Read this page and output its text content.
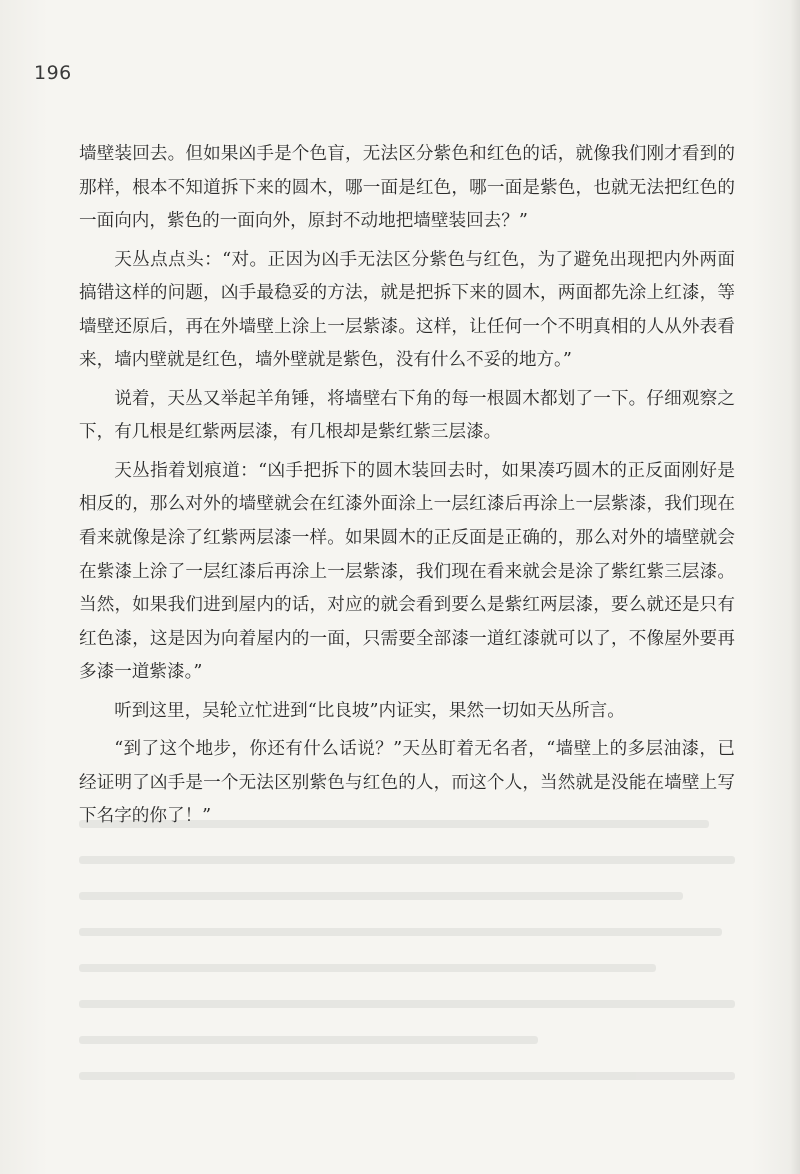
196

墙壁装回去。但如果凶手是个色盲，无法区分紫色和红色的话，就像我们刚才看到的那样，根本不知道拆下来的圆木，哪一面是红色，哪一面是紫色，也就无法把红色的一面向内，紫色的一面向外，原封不动地把墙壁装回去？”

天丛点点头：“对。正因为凶手无法区分紫色与红色，为了避免出现把内外两面搞错这样的问题，凶手最稳妥的方法，就是把拆下来的圆木，两面都先涂上红漆，等墙壁还原后，再在外墙壁上涂上一层紫漆。这样，让任何一个不明真相的人从外表看来，墙内壁就是红色，墙外壁就是紫色，没有什么不妥的地方。”

说着，天丛又举起羊角锤，将墙壁右下角的每一根圆木都划了一下。仔细观察之下，有几根是红紫两层漆，有几根却是紫红紫三层漆。

天丛指着划痕道：“凶手把拆下的圆木装回去时，如果凑巧圆木的正反面刚好是相反的，那么对外的墙壁就会在红漆外面涂上一层红漆后再涂上一层紫漆，我们现在看来就像是涂了红紫两层漆一样。如果圆木的正反面是正确的，那么对外的墙壁就会在紫漆上涂了一层红漆后再涂上一层紫漆，我们现在看来就会是涂了紫红紫三层漆。当然，如果我们进到屋内的话，对应的就会看到要么是紫红两层漆，要么就还是只有红色漆，这是因为向着屋内的一面，只需要全部漆一道红漆就可以了，不像屋外要再多漆一道紫漆。”

听到这里，吴轮立忙进到“比良坡”内证实，果然一切如天丛所言。

“到了这个地步，你还有什么话说？”天丛盯着无名者，“墙壁上的多层油漆，已经证明了凶手是一个无法区别紫色与红色的人，而这个人，当然就是没能在墙壁上写下名字的你了！”
